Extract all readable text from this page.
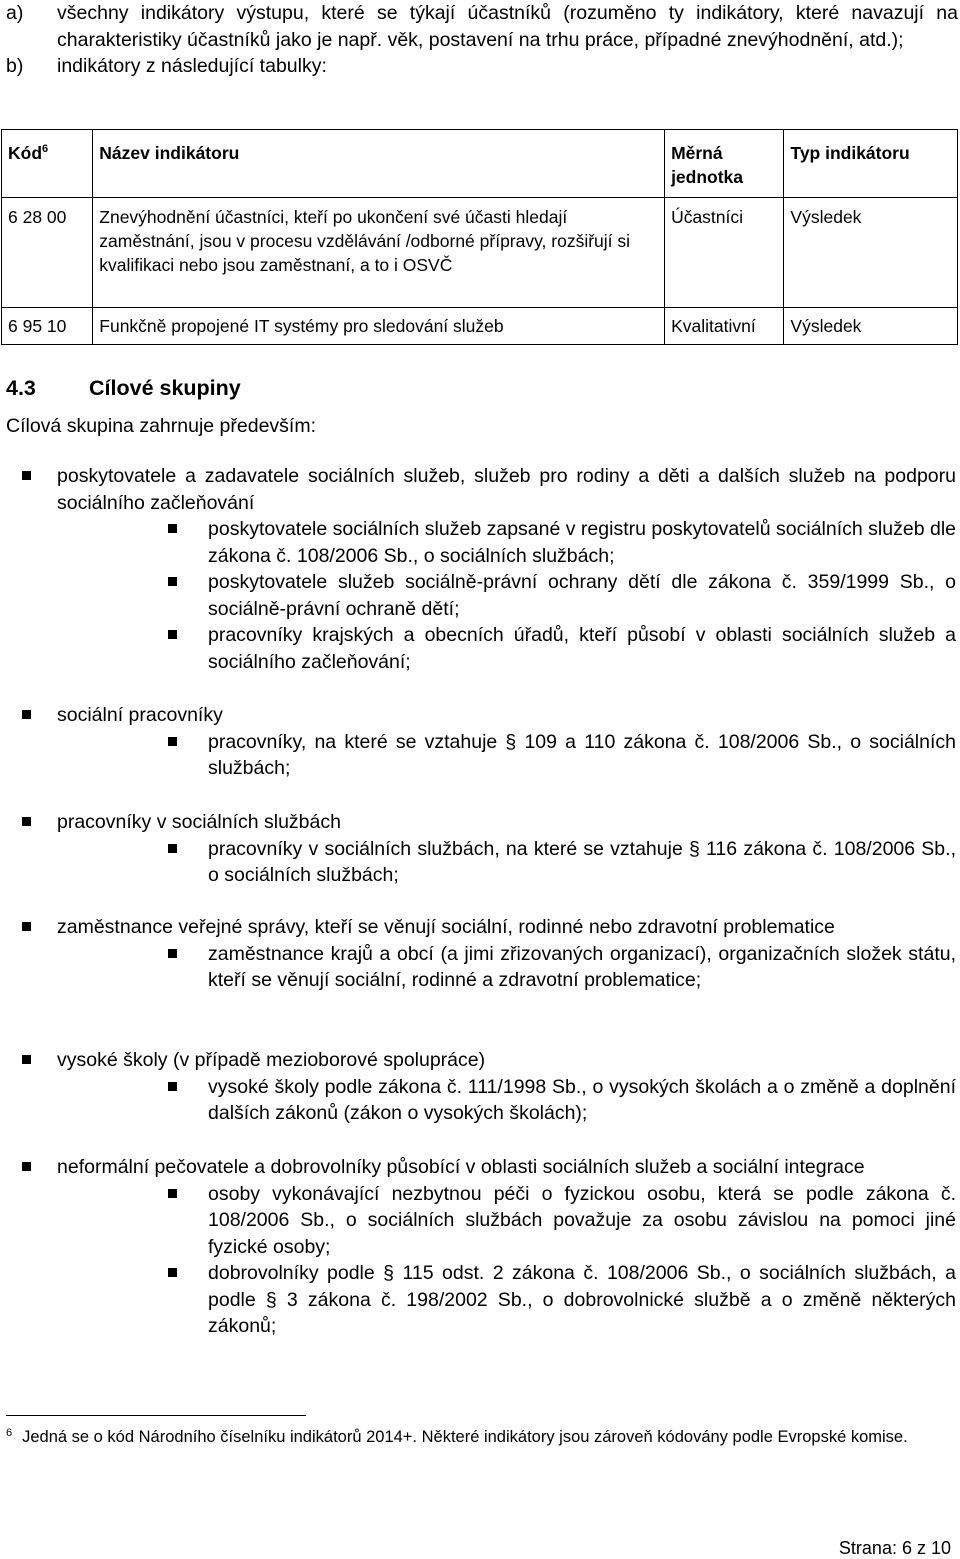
a)	všechny indikátory výstupu, které se týkají účastníků (rozuměno ty indikátory, které navazují na charakteristiky účastníků jako je např. věk, postavení na trhu práce, případné znevýhodnění, atd.);
b)	indikátory z následující tabulky:
Kód$^6$	Název indikátoru	Měrná jednotka	Typ indikátoru
6 28 00	Znevýhodnění účastníci, kteří po ukončení své účasti hledají zaměstnání, jsou v procesu vzdělávání /odborné přípravy, rozšiřují si kvalifikaci nebo jsou zaměstnaní, a to i OSVČ	Účastníci	Výsledek
6 95 10	Funkčně propojené IT systémy pro sledování služeb	Kvalitativní	Výsledek
4.3 Cílové skupiny
Cílová skupina zahrnuje především:
poskytovatele a zadavatele sociálních služeb, služeb pro rodiny a děti a dalších služeb na podporu sociálního začleňování
poskytovatele sociálních služeb zapsané v registru poskytovatelů sociálních služeb dle zákona č. 108/2006 Sb., o sociálních službách;
poskytovatele služeb sociálně-právní ochrany dětí dle zákona č. 359/1999 Sb., o sociálně-právní ochraně dětí;
pracovníky krajských a obecních úřadů, kteří působí v oblasti sociálních služeb a sociálního začleňování;
sociální pracovníky
pracovníky, na které se vztahuje § 109 a 110 zákona č. 108/2006 Sb., o sociálních službách;
pracovníky v sociálních službách
pracovníky v sociálních službách, na které se vztahuje § 116 zákona č. 108/2006 Sb., o sociálních službách;
zaměstnance veřejné správy, kteří se věnují sociální, rodinné nebo zdravotní problematice
zaměstnance krajů a obcí (a jimi zřizovaných organizací), organizačních složek státu, kteří se věnují sociální, rodinné a zdravotní problematice;
vysoké školy (v případě mezioborové spolupráce)
vysoké školy podle zákona č. 111/1998 Sb., o vysokých školách a o změně a doplnění dalších zákonů (zákon o vysokých školách);
neformální pečovatele a dobrovolníky působící v oblasti sociálních služeb a sociální integrace
osoby vykonávající nezbytnou péči o fyzickou osobu, která se podle zákona č. 108/2006 Sb., o sociálních službách považuje za osobu závislou na pomoci jiné fyzické osoby;
dobrovolníky podle § 115 odst. 2 zákona č. 108/2006 Sb., o sociálních službách, a podle § 3 zákona č. 198/2002 Sb., o dobrovolnické službě a o změně některých zákonů;
$^6$ Jedná se o kód Národního číselníku indikátorů 2014+. Některé indikátory jsou zároveň kódovány podle Evropské komise.
Strana: 6 z 10
